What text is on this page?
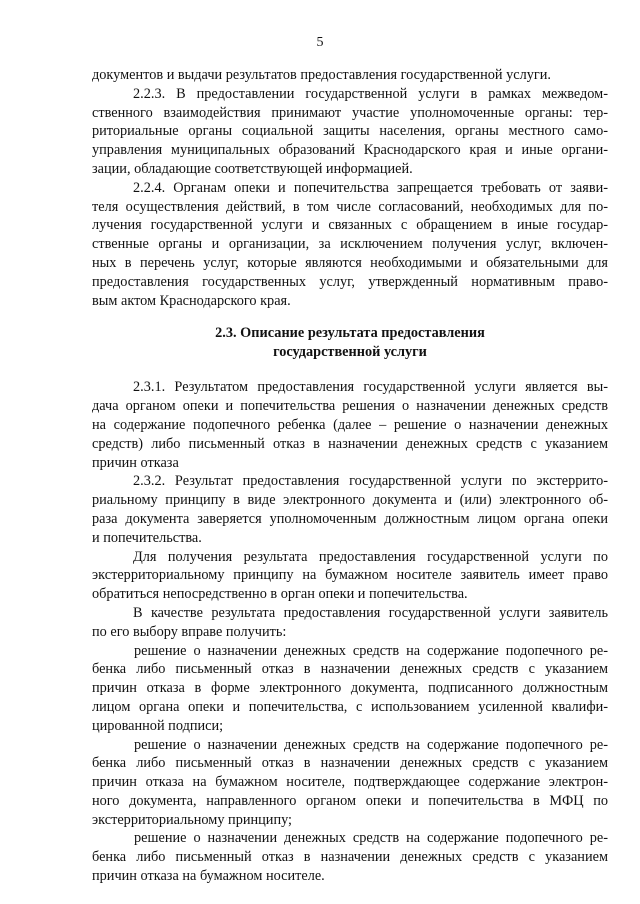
5
документов и выдачи результатов предоставления государственной услуги.
2.2.3. В предоставлении государственной услуги в рамках межведом-
ственного взаимодействия принимают участие уполномоченные органы: тер-
риториальные органы социальной защиты населения, органы местного само-
управления муниципальных образований Краснодарского края и иные органи-
зации, обладающие соответствующей информацией.
2.2.4. Органам опеки и попечительства запрещается требовать от заяви-
теля осуществления действий, в том числе согласований, необходимых для по-
лучения государственной услуги и связанных с обращением в иные государ-
ственные органы и организации, за исключением получения услуг, включен-
ных в перечень услуг, которые являются необходимыми и обязательными для
предоставления государственных услуг, утвержденный нормативным право-
вым актом Краснодарского края.
2.3. Описание результата предоставления
государственной услуги
2.3.1. Результатом предоставления государственной услуги является вы-
дача органом опеки и попечительства решения о назначении денежных средств
на содержание подопечного ребенка (далее – решение о назначении денежных
средств) либо письменный отказ в назначении денежных средств с указанием
причин отказа
2.3.2. Результат предоставления государственной услуги по экстеррито-
риальному принципу в виде электронного документа и (или) электронного об-
раза документа заверяется уполномоченным должностным лицом органа опеки
и попечительства.
Для получения результата предоставления государственной услуги по
экстерриториальному принципу на бумажном носителе заявитель имеет право
обратиться непосредственно в орган опеки и попечительства.
В качестве результата предоставления государственной услуги заявитель
по его выбору вправе получить:
решение о назначении денежных средств на содержание подопечного ре-
бенка либо письменный отказ в назначении денежных средств с указанием
причин отказа в форме электронного документа, подписанного должностным
лицом органа опеки и попечительства, с использованием усиленной квалифи-
цированной подписи;
решение о назначении денежных средств на содержание подопечного ре-
бенка либо письменный отказ в назначении денежных средств с указанием
причин отказа на бумажном носителе, подтверждающее содержание электрон-
ного документа, направленного органом опеки и попечительства в МФЦ по
экстерриториальному принципу;
решение о назначении денежных средств на содержание подопечного ре-
бенка либо письменный отказ в назначении денежных средств с указанием
причин отказа на бумажном носителе.
